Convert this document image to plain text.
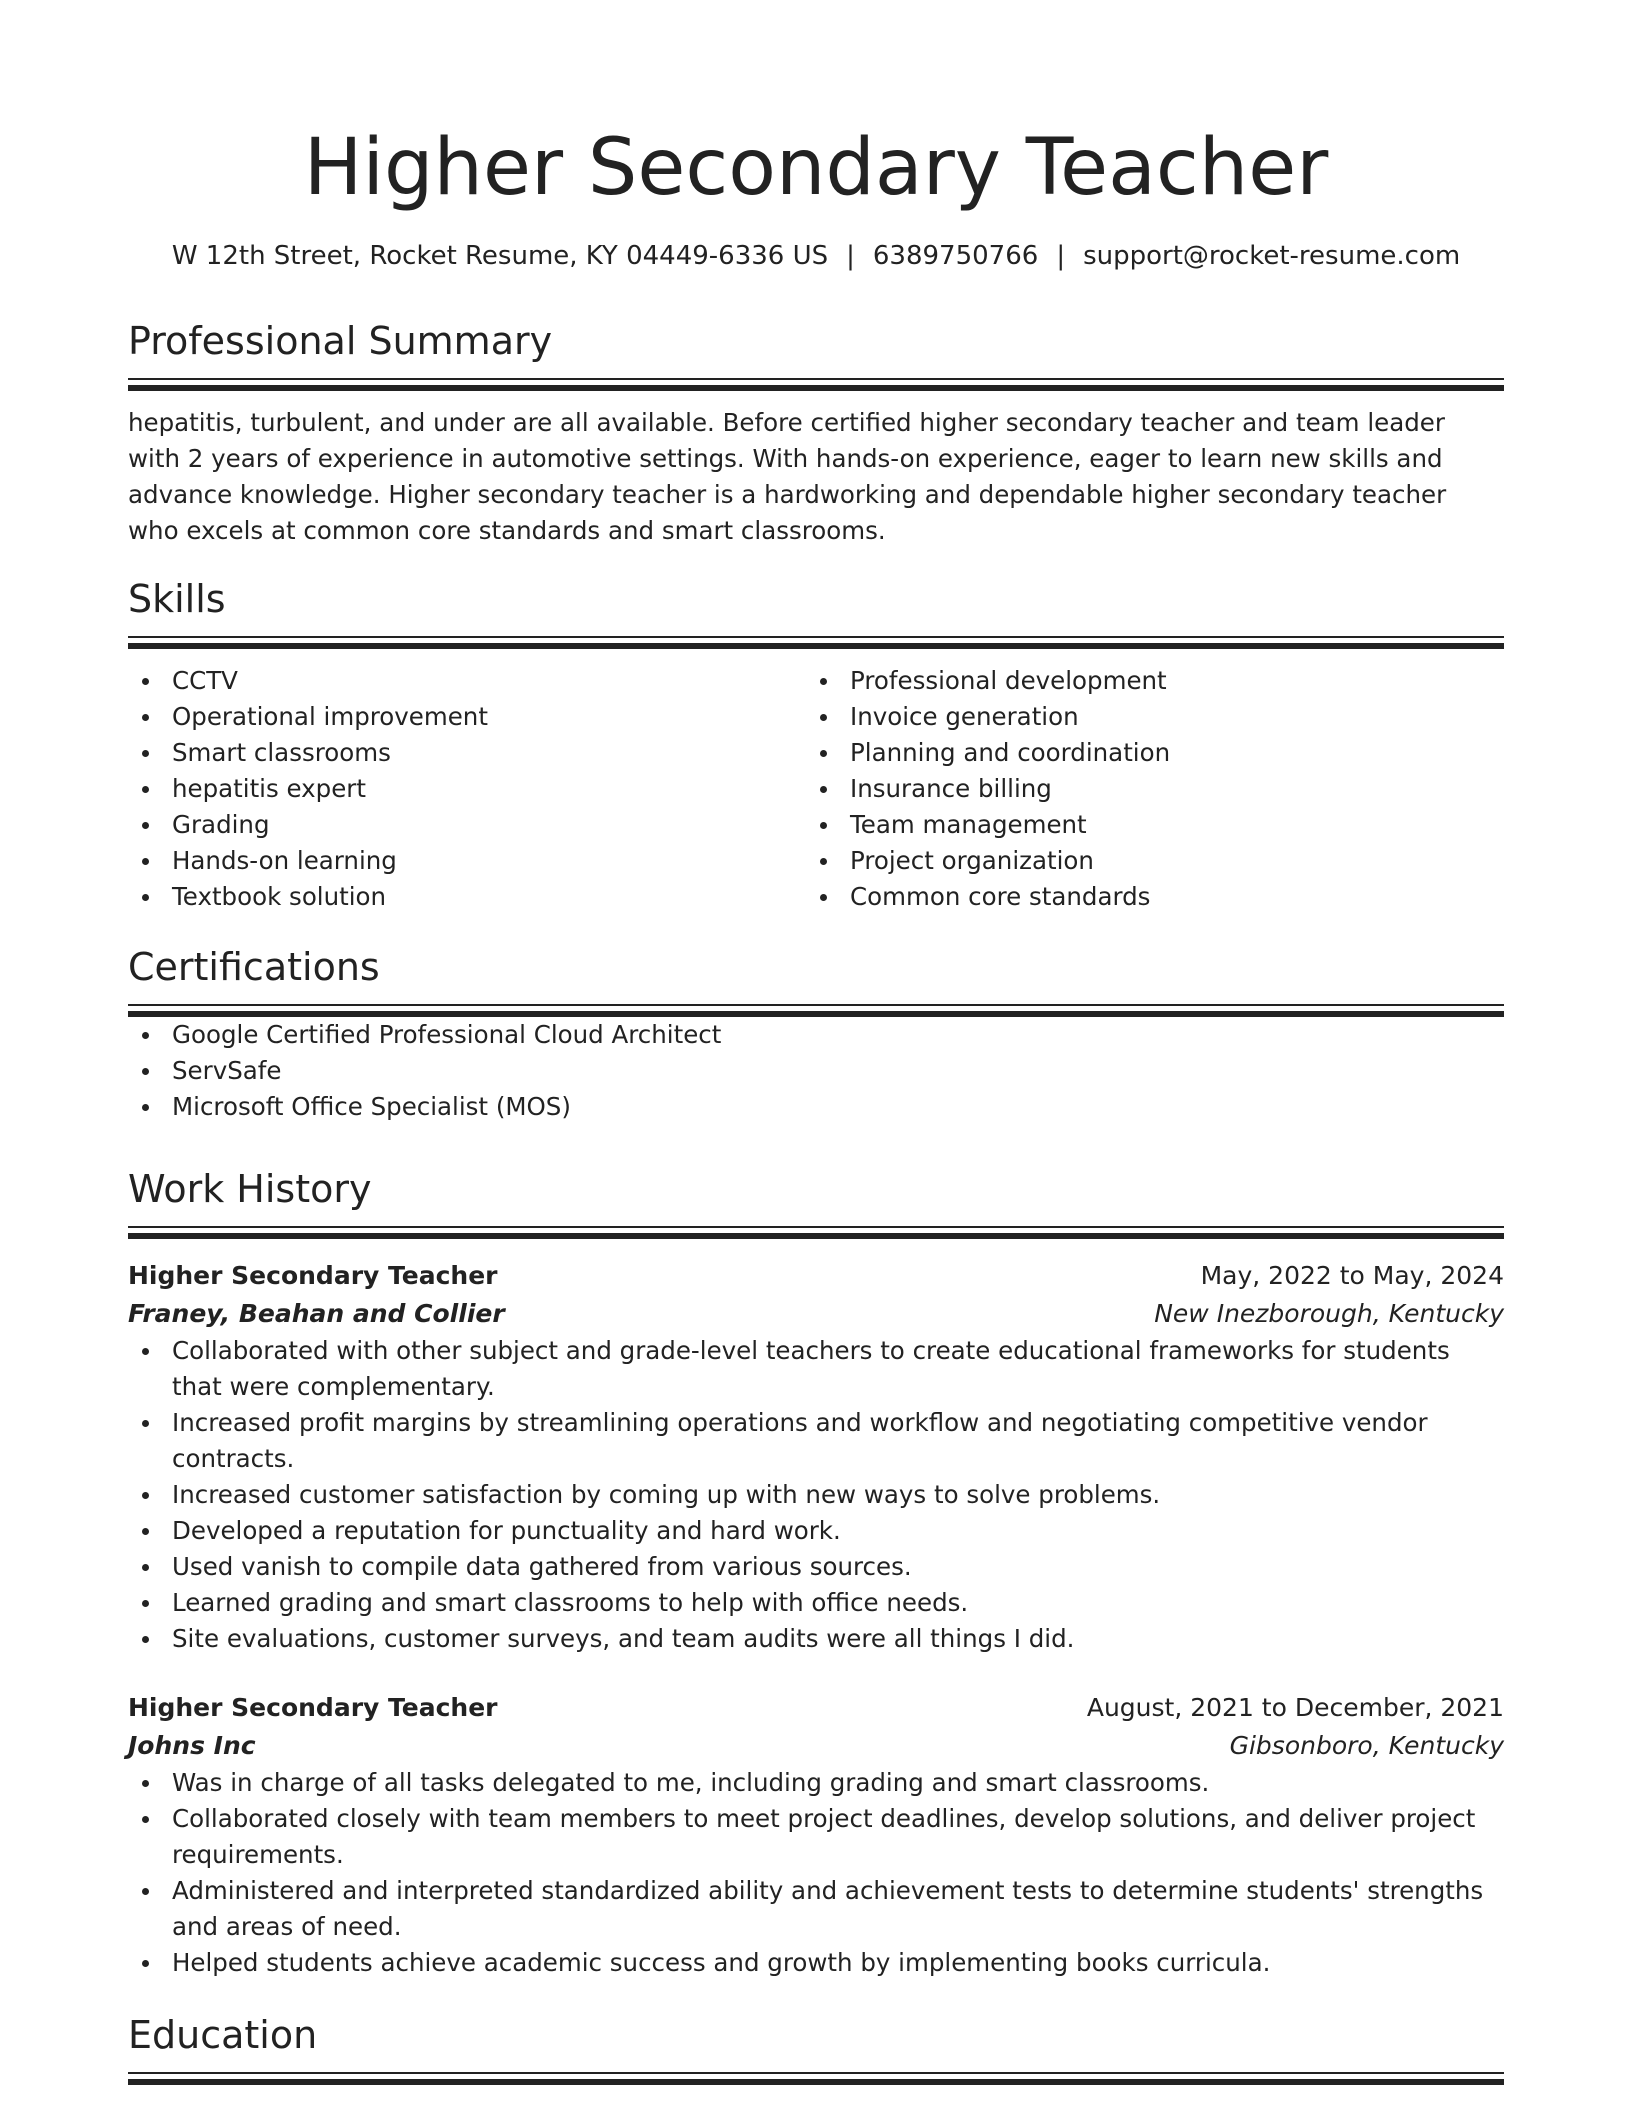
Higher Secondary Teacher
W 12th Street, Rocket Resume, KY 04449-6336 US | 6389750766 | support@rocket-resume.com
Professional Summary
hepatitis, turbulent, and under are all available. Before certified higher secondary teacher and team leader with 2 years of experience in automotive settings. With hands-on experience, eager to learn new skills and advance knowledge. Higher secondary teacher is a hardworking and dependable higher secondary teacher who excels at common core standards and smart classrooms.
Skills
CCTV
Operational improvement
Smart classrooms
hepatitis expert
Grading
Hands-on learning
Textbook solution
Professional development
Invoice generation
Planning and coordination
Insurance billing
Team management
Project organization
Common core standards
Certifications
Google Certified Professional Cloud Architect
ServSafe
Microsoft Office Specialist (MOS)
Work History
Higher Secondary Teacher	May, 2022 to May, 2024
Franey, Beahan and Collier	New Inezborough, Kentucky
Collaborated with other subject and grade-level teachers to create educational frameworks for students that were complementary.
Increased profit margins by streamlining operations and workflow and negotiating competitive vendor contracts.
Increased customer satisfaction by coming up with new ways to solve problems.
Developed a reputation for punctuality and hard work.
Used vanish to compile data gathered from various sources.
Learned grading and smart classrooms to help with office needs.
Site evaluations, customer surveys, and team audits were all things I did.
Higher Secondary Teacher	August, 2021 to December, 2021
Johns Inc	Gibsonboro, Kentucky
Was in charge of all tasks delegated to me, including grading and smart classrooms.
Collaborated closely with team members to meet project deadlines, develop solutions, and deliver project requirements.
Administered and interpreted standardized ability and achievement tests to determine students' strengths and areas of need.
Helped students achieve academic success and growth by implementing books curricula.
Education
